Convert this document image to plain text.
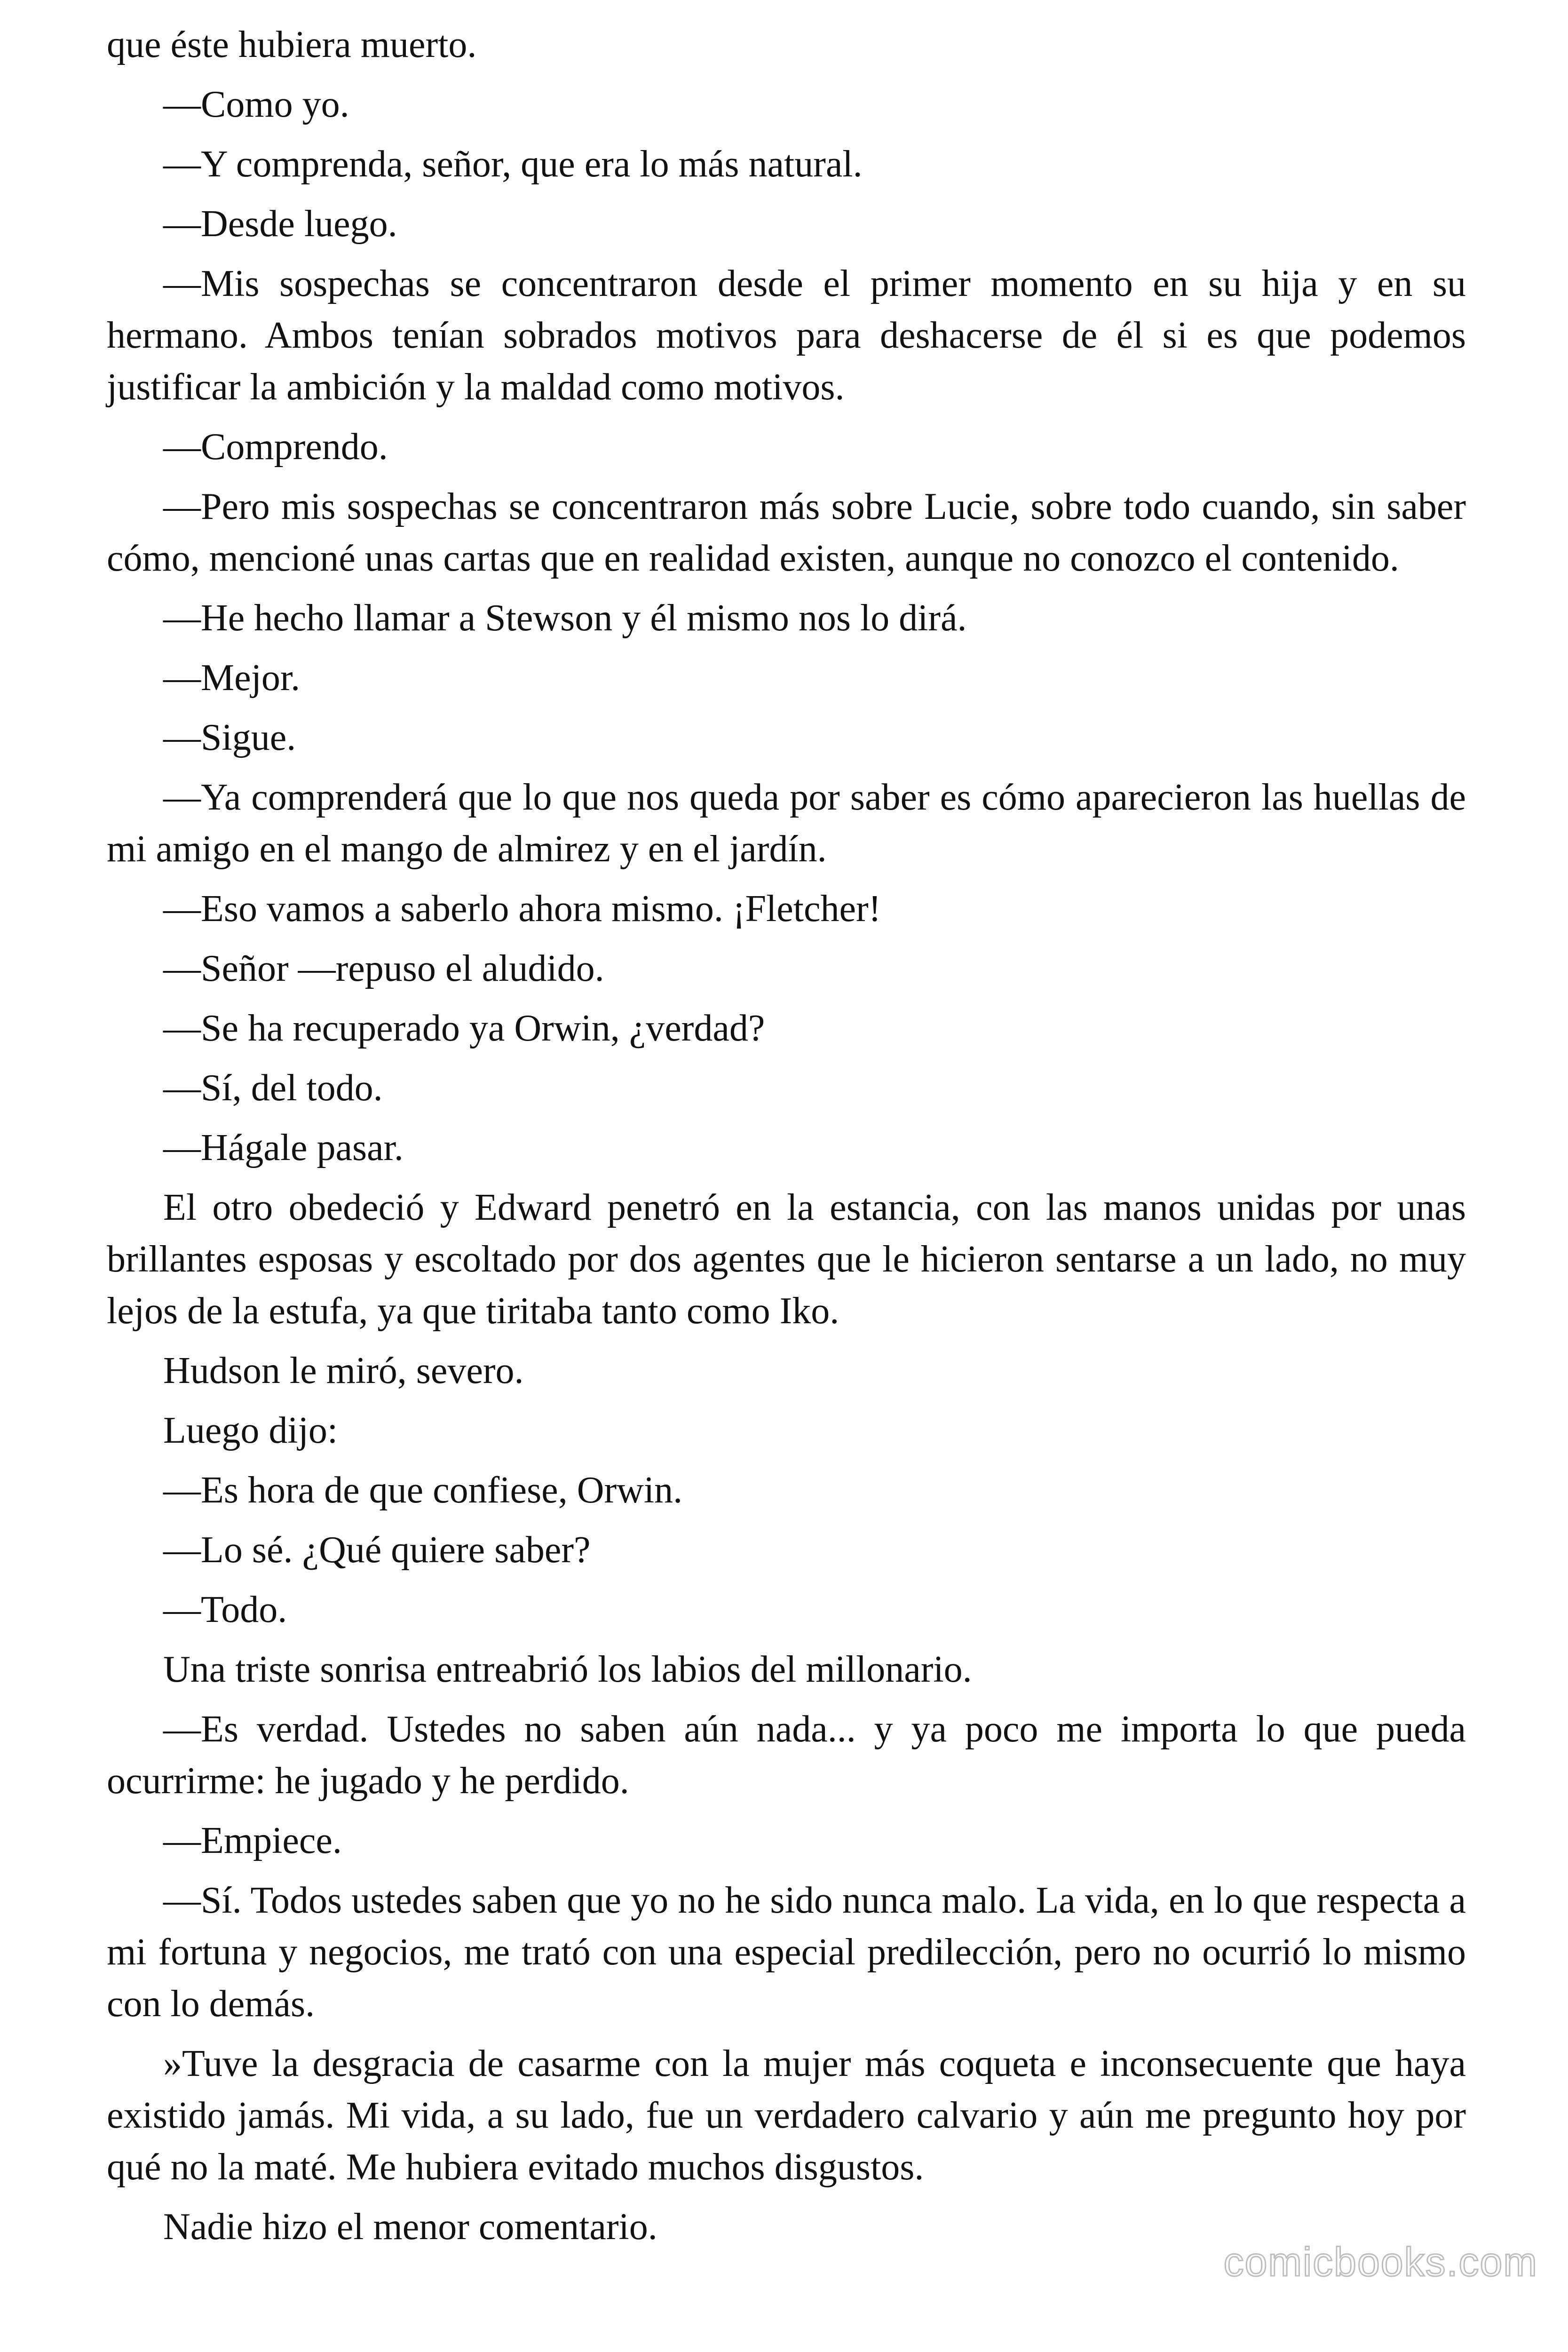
que éste hubiera muerto.

—Como yo.

—Y comprenda, señor, que era lo más natural.

—Desde luego.

—Mis sospechas se concentraron desde el primer momento en su hija y en su hermano. Ambos tenían sobrados motivos para deshacerse de él si es que podemos justificar la ambición y la maldad como motivos.

—Comprendo.

—Pero mis sospechas se concentraron más sobre Lucie, sobre todo cuando, sin saber cómo, mencioné unas cartas que en realidad existen, aunque no conozco el contenido.

—He hecho llamar a Stewson y él mismo nos lo dirá.

—Mejor.

—Sigue.

—Ya comprenderá que lo que nos queda por saber es cómo aparecieron las huellas de mi amigo en el mango de almirez y en el jardín.

—Eso vamos a saberlo ahora mismo. ¡Fletcher!

—Señor —repuso el aludido.

—Se ha recuperado ya Orwin, ¿verdad?

—Sí, del todo.

—Hágale pasar.

El otro obedeció y Edward penetró en la estancia, con las manos unidas por unas brillantes esposas y escoltado por dos agentes que le hicieron sentarse a un lado, no muy lejos de la estufa, ya que tiritaba tanto como Iko.

Hudson le miró, severo.

Luego dijo:

—Es hora de que confiese, Orwin.

—Lo sé. ¿Qué quiere saber?

—Todo.

Una triste sonrisa entreabrió los labios del millonario.

—Es verdad. Ustedes no saben aún nada... y ya poco me importa lo que pueda ocurrirme: he jugado y he perdido.

—Empiece.

—Sí. Todos ustedes saben que yo no he sido nunca malo. La vida, en lo que respecta a mi fortuna y negocios, me trató con una especial predilección, pero no ocurrió lo mismo con lo demás.

»Tuve la desgracia de casarme con la mujer más coqueta e inconsecuente que haya existido jamás. Mi vida, a su lado, fue un verdadero calvario y aún me pregunto hoy por qué no la maté. Me hubiera evitado muchos disgustos.

Nadie hizo el menor comentario.

comicbooks.com
